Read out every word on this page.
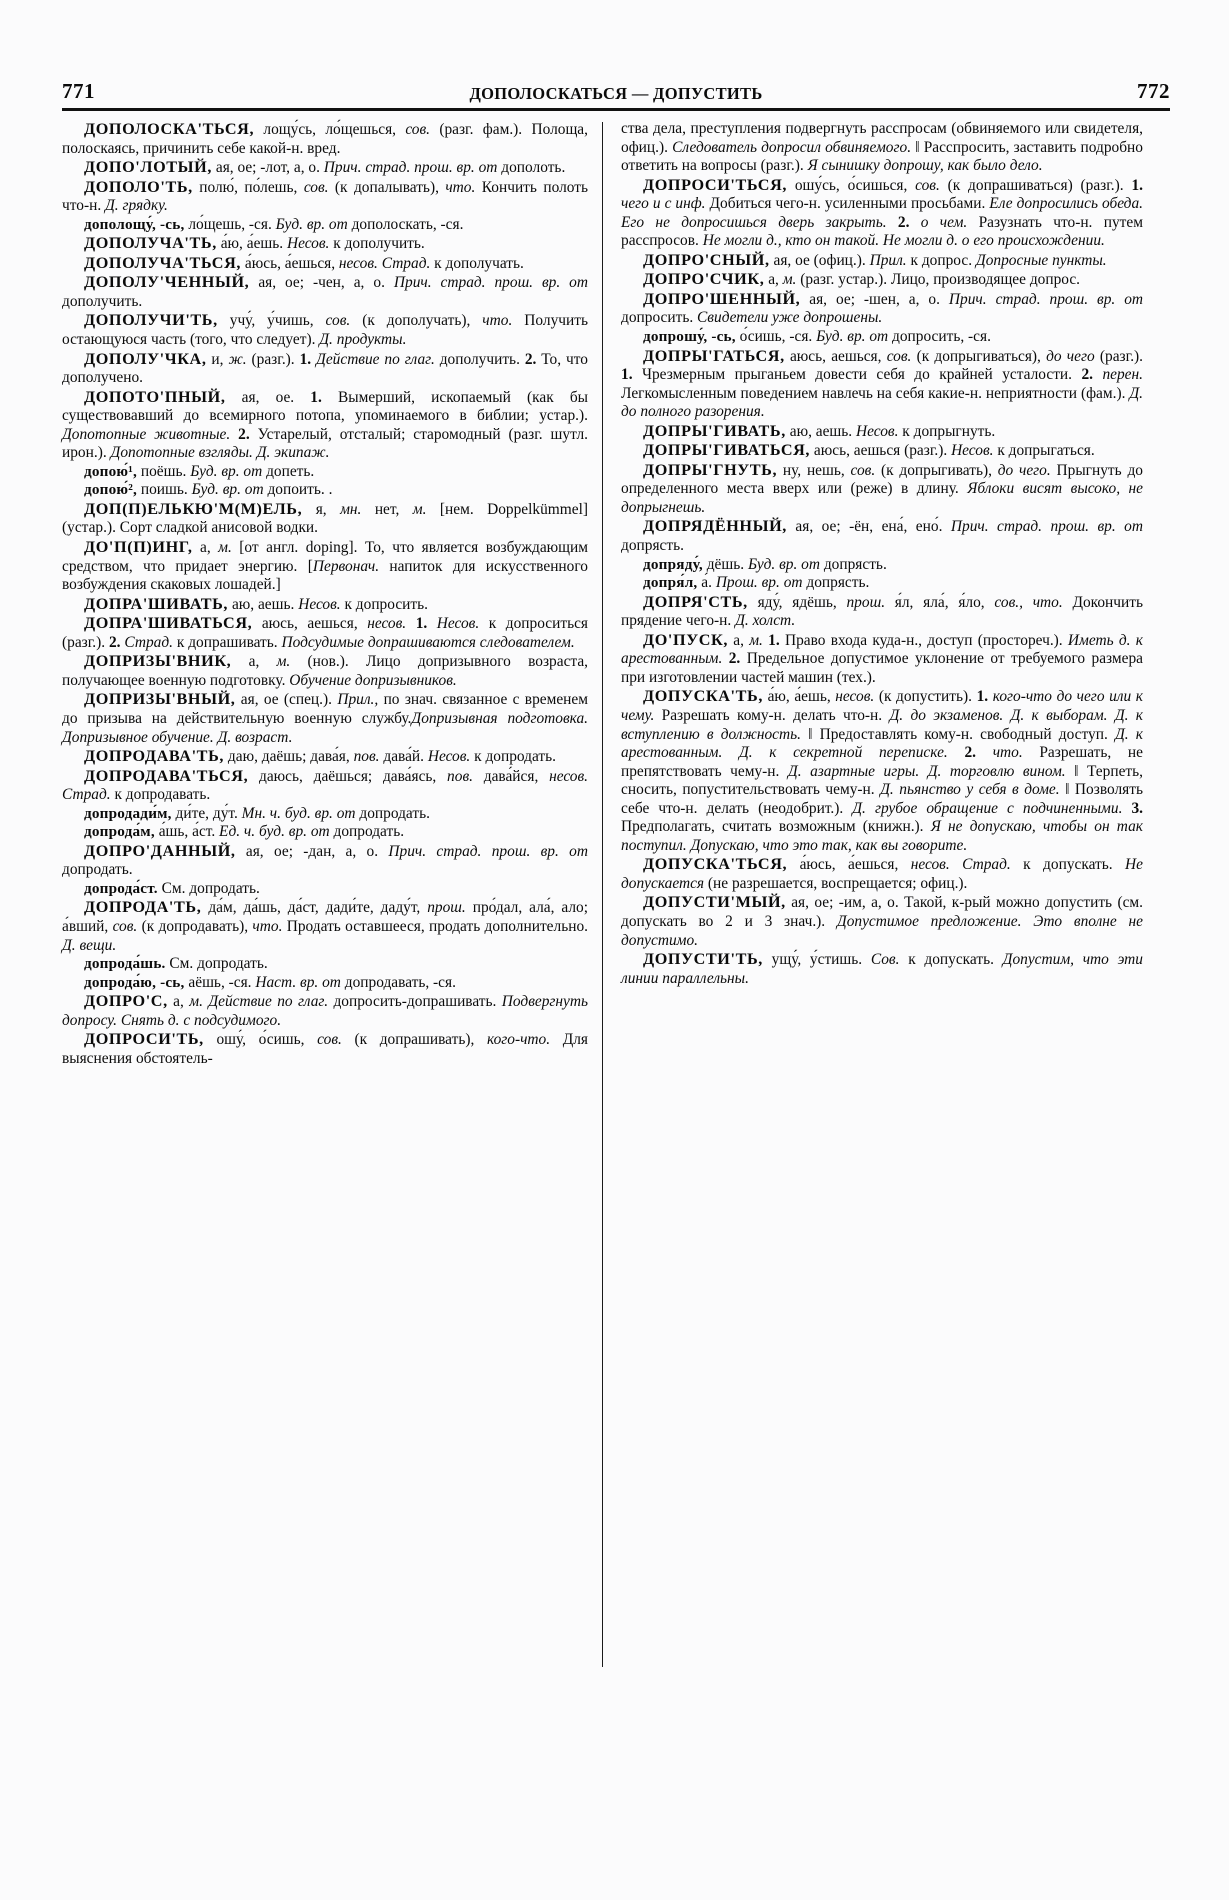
771	ДОПОЛОСКАТЬСЯ — ДОПУСТИТЬ	772

ДОПОЛОСКА'ТЬСЯ, лощу́сь, ло́щешься, сов. (разг. фам.). Полоща, полоскаясь, причинить себе какой-н. вред.

ДОПО'ЛОТЫЙ, ая, ое; -лот, а, о. Прич. страд. прош. вр. от дополоть.

ДОПОЛО'ТЬ, полю́, по́лешь, сов. (к допалывать), что. Кончить полоть что-н. Д. грядку.

дополощу́, -сь, ло́щешь, -ся. Буд. вр. от дополоскать, -ся.

ДОПОЛУЧА'ТЬ, а́ю, а́ешь. Несов. к дополучить.

ДОПОЛУЧА'ТЬСЯ, а́юсь, а́ешься, несов. Страд. к дополучать.

ДОПОЛУ'ЧЕННЫЙ, ая, ое; -чен, а, о. Прич. страд. прош. вр. от дополучить.

ДОПОЛУЧИ'ТЬ, учу́, у́чишь, сов. (к дополучать), что. Получить остающуюся часть (того, что следует). Д. продукты.

ДОПОЛУ'ЧКА, и, ж. (разг.). 1. Действие по глаг. дополучить. 2. То, что дополучено.

ДОПОТО'ПНЫЙ, ая, ое. 1. Вымерший, ископаемый (как бы существовавший до всемирного потопа, упоминаемого в библии; устар.). Допотопные животные. 2. Устарелый, отсталый; старомодный (разг. шутл. ирон.). Допотопные взгляды. Д. экипаж.

допою́¹, поёшь. Буд. вр. от допеть.

допою́², поишь. Буд. вр. от допоить. .

ДОП(П)ЕЛЬКЮ'М(М)ЕЛЬ, я, мн. нет, м. [нем. Doppelkümmel] (устар.). Сорт сладкой анисовой водки.

ДО'П(П)ИНГ, а, м. [от англ. doping]. То, что является возбуждающим средством, что придает энергию. [Первонач. напиток для искусственного возбуждения скаковых лошадей.]

ДОПРА'ШИВАТЬ, аю, аешь. Несов. к допросить.

ДОПРА'ШИВАТЬСЯ, аюсь, аешься, несов. 1. Несов. к допроситься (разг.). 2. Страд. к допрашивать. Подсудимые допрашиваются следователем.

ДОПРИЗЫ'ВНИК, а, м. (нов.). Лицо допризывного возраста, получающее военную подготовку. Обучение допризывников.

ДОПРИЗЫ'ВНЫЙ, ая, ое (спец.). Прил., по знач. связанное с временем до призыва на действительную военную службу.Допризывная подготовка. Допризывное обучение. Д. возраст.

ДОПРОДАВА'ТЬ, даю, даёшь; дава́я, пов. дава́й. Несов. к допродать.

ДОПРОДАВА'ТЬСЯ, даюсь, даёшься; дава́ясь, пов. дава́йся, несов. Страд. к допродавать.

допродади́м, ди́те, ду́т. Мн. ч. буд. вр. от допродать.

допрода́м, а́шь, а́ст. Ед. ч. буд. вр. от допродать.

ДОПРО'ДАННЫЙ, ая, ое; -дан, а, о. Прич. страд. прош. вр. от допродать.

допрода́ст. См. допродать.

ДОПРОДА'ТЬ, да́м, да́шь, да́ст, дади́те, даду́т, прош. про́дал, ала́, ало; а́вший, сов. (к допродавать), что. Продать оставшееся, продать дополнительно. Д. вещи.

допрода́шь. См. допродать.

допрода́ю, -сь, аёшь, -ся. Наст. вр. от допродавать, -ся.

ДОПРО'С, а, м. Действие по глаг. допросить-допрашивать. Подвергнуть допросу. Снять д. с подсудимого.

ДОПРОСИ'ТЬ, ошу́, о́сишь, сов. (к допрашивать), кого-что. Для выяснения обстоятель-

ства дела, преступления подвергнуть расспросам (обвиняемого или свидетеля, офиц.). Следователь допросил обвиняемого. ‖ Расспросить, заставить подробно ответить на вопросы (разг.). Я сынишку допрошу, как было дело.

ДОПРОСИ'ТЬСЯ, ошу́сь, о́сишься, сов. (к допрашиваться) (разг.). 1. чего и с инф. Добиться чего-н. усиленными просьбами. Еле допросились обеда. Его не допросишься дверь закрыть. 2. о чем. Разузнать что-н. путем расспросов. Не могли д., кто он такой. Не могли д. о его происхождении.

ДОПРО'СНЫЙ, ая, ое (офиц.). Прил. к допрос. Допросные пункты.

ДОПРО'СЧИК, а, м. (разг. устар.). Лицо, производящее допрос.

ДОПРО'ШЕННЫЙ, ая, ое; -шен, а, о. Прич. страд. прош. вр. от допросить. Свидетели уже допрошены.

допрошу́, -сь, о́сишь, -ся. Буд. вр. от допросить, -ся.

ДОПРЫ'ГАТЬСЯ, аюсь, аешься, сов. (к допрыгиваться), до чего (разг.). 1. Чрезмерным прыганьем довести себя до крайней усталости. 2. перен. Легкомысленным поведением навлечь на себя какие-н. неприятности (фам.). Д. до полного разорения.

ДОПРЫ'ГИВАТЬ, аю, аешь. Несов. к допрыгнуть.

ДОПРЫ'ГИВАТЬСЯ, аюсь, аешься (разг.). Несов. к допрыгаться.

ДОПРЫ'ГНУТЬ, ну, нешь, сов. (к допрыгивать), до чего. Прыгнуть до определенного места вверх или (реже) в длину. Яблоки висят высоко, не допрыгнешь.

ДОПРЯДЁННЫЙ, ая, ое; -ён, ена́, ено́. Прич. страд. прош. вр. от допрясть.

допряду́, дёшь. Буд. вр. от допрясть.

допря́л, а́. Прош. вр. от допрясть.

ДОПРЯ'СТЬ, яду́, ядёшь, прош. я́л, яла́, я́ло, сов., что. Докончить прядение чего-н. Д. холст.

ДО'ПУСК, а, м. 1. Право входа куда-н., доступ (простореч.). Иметь д. к арестованным. 2. Предельное допустимое уклонение от требуемого размера при изготовлении частей машин (тех.).

ДОПУСКА'ТЬ, а́ю, а́ешь, несов. (к допустить). 1. кого-что до чего или к чему. Разрешать кому-н. делать что-н. Д. до экзаменов. Д. к выборам. Д. к вступлению в должность. ‖ Предоставлять кому-н. свободный доступ. Д. к арестованным. Д. к секретной переписке. 2. что. Разрешать, не препятствовать чему-н. Д. азартные игры. Д. торговлю вином. ‖ Терпеть, сносить, попустительствовать чему-н. Д. пьянство у себя в доме. ‖ Позволять себе что-н. делать (неодобрит.). Д. грубое обращение с подчиненными. 3. Предполагать, считать возможным (книжн.). Я не допускаю, чтобы он так поступил. Допускаю, что это так, как вы говорите.

ДОПУСКА'ТЬСЯ, а́юсь, а́ешься, несов. Страд. к допускать. Не допускается (не разрешается, воспрещается; офиц.).

ДОПУСТИ'МЫЙ, ая, ое; -им, а, о. Такой, к-рый можно допустить (см. допускать во 2 и 3 знач.). Допустимое предложение. Это вполне не допустимо.

ДОПУСТИ'ТЬ, ущу́, у́стишь. Сов. к допускать. Допустим, что эти линии параллельны.
